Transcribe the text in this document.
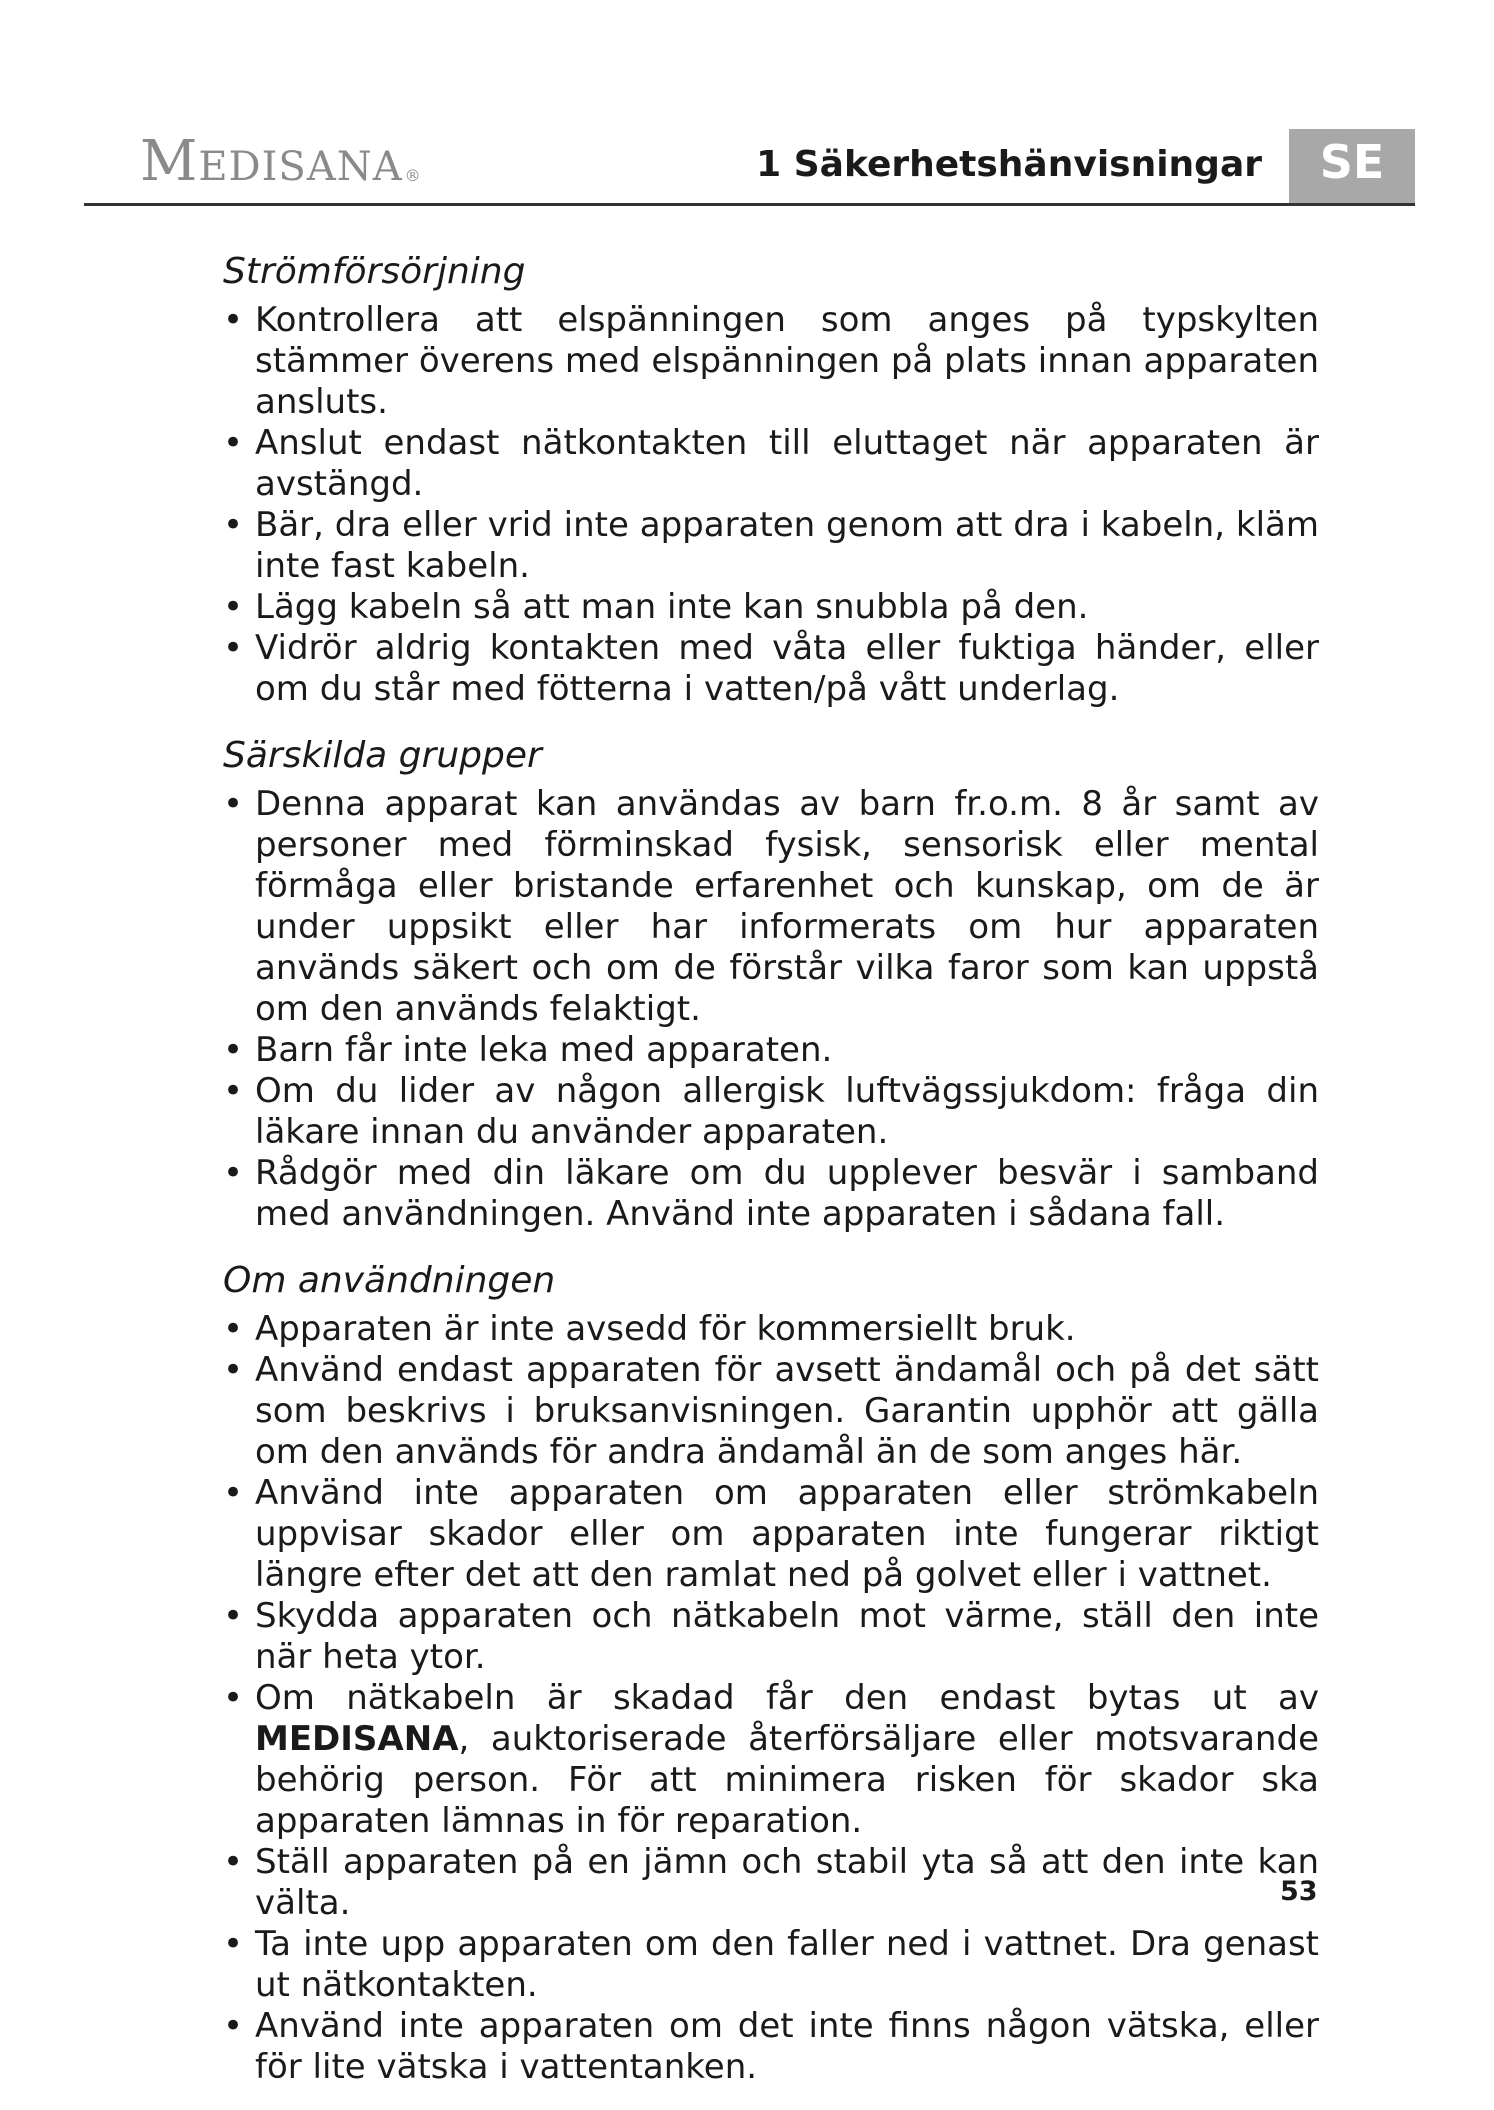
MEDISANA ®	1 Säkerhetshänvisningar	SE
Strömförsörjning
• Kontrollera att elspänningen som anges på typskylten stämmer överens med elspänningen på plats innan apparaten ansluts.
• Anslut endast nätkontakten till eluttaget när apparaten är avstängd.
• Bär, dra eller vrid inte apparaten genom att dra i kabeln, kläm inte fast kabeln.
• Lägg kabeln så att man inte kan snubbla på den.
• Vidrör aldrig kontakten med våta eller fuktiga händer, eller om du står med fötterna i vatten/på vått underlag.
Särskilda grupper
• Denna apparat kan användas av barn fr.o.m. 8 år samt av personer med förminskad fysisk, sensorisk eller mental förmåga eller bristande erfarenhet och kunskap, om de är under uppsikt eller har informerats om hur apparaten används säkert och om de förstår vilka faror som kan uppstå om den används felaktigt.
• Barn får inte leka med apparaten.
• Om du lider av någon allergisk luftvägssjukdom: fråga din läkare innan du använder apparaten.
• Rådgör med din läkare om du upplever besvär i samband med användningen. Använd inte apparaten i sådana fall.
Om användningen
• Apparaten är inte avsedd för kommersiellt bruk.
• Använd endast apparaten för avsett ändamål och på det sätt som beskrivs i bruksanvisningen. Garantin upphör att gälla om den används för andra ändamål än de som anges här.
• Använd inte apparaten om apparaten eller strömkabeln uppvisar skador eller om apparaten inte fungerar riktigt längre efter det att den ramlat ned på golvet eller i vattnet.
• Skydda apparaten och nätkabeln mot värme, ställ den inte när heta ytor.
• Om nätkabeln är skadad får den endast bytas ut av MEDISANA, auktoriserade återförsäljare eller motsvarande behörig person. För att minimera risken för skador ska apparaten lämnas in för reparation.
• Ställ apparaten på en jämn och stabil yta så att den inte kan välta.
• Ta inte upp apparaten om den faller ned i vattnet. Dra genast ut nätkontakten.
• Använd inte apparaten om det inte finns någon vätska, eller för lite vätska i vattentanken.
53
